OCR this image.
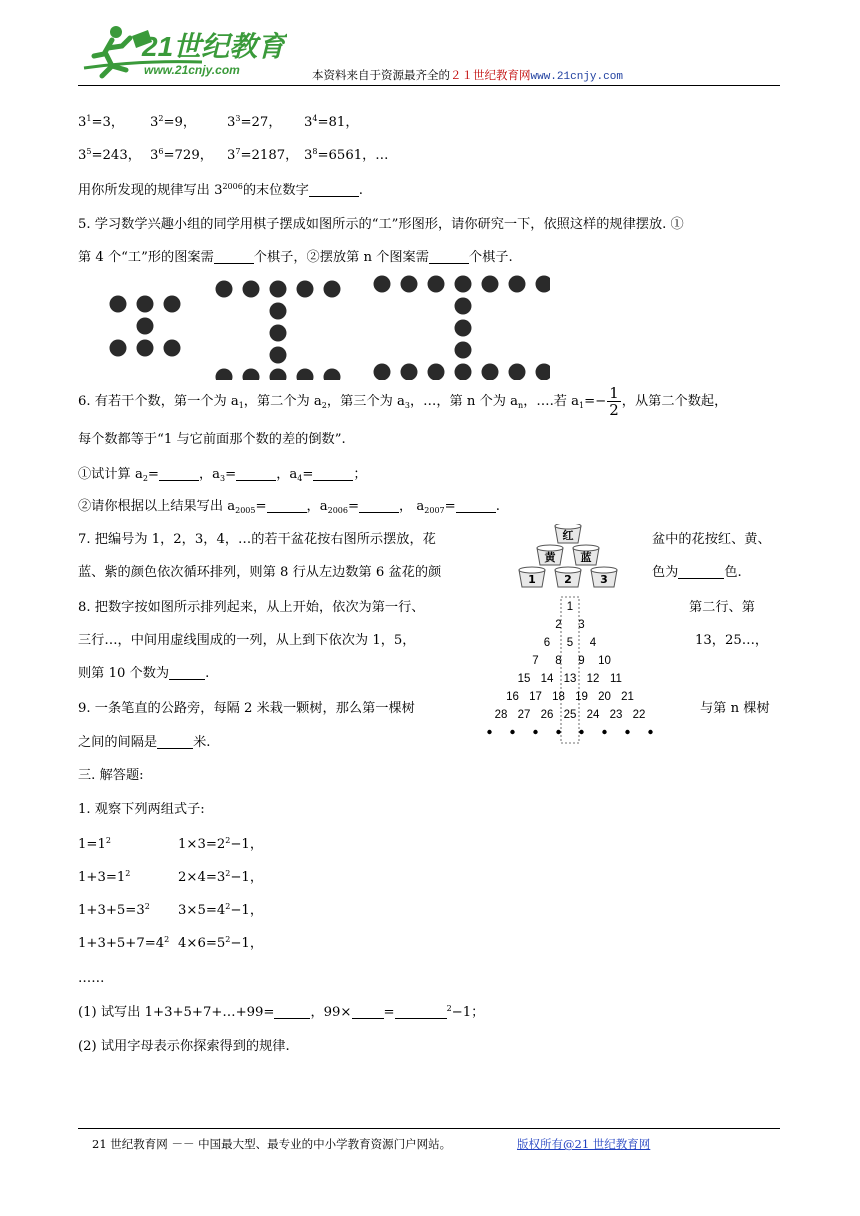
21世纪教育
www.21cnjy.com	本资料来自于资源最齐全的２１世纪教育网www.21cnjy.com
$3^1=3$， $3^2=9$， $3^3=27$， $3^4=81$，
$3^5=243$， $3^6=729$， $3^7=2187$， $3^8=6561$，…
用你所发现的规律写出 $3^{2006}$的末位数字	.
5. 学习数学兴趣小组的同学用棋子摆成如图所示的“工”形图形，请你研究一下，依照这样的规律摆放. ①
第 4 个“工”形的图案需	个棋子，②摆放第 n 个图案需	个棋子.
6. 有若干个数，第一个为 $a_1$，第二个为 $a_2$，第三个为 $a_3$，…，第 n 个为 $a_n$，….若 $a_1=- \frac{1}{2}$ ，从第二个数起，
每个数都等于“1 与它前面那个数的差的倒数”.
①试计算 $a_2=$	，$a_3=$	，$a_4=$	；
②请你根据以上结果写出 $a_{2005}=$	，$a_{2006}=$	， $a_{2007}=$	.
7. 把编号为 1，2，3，4，…的若干盆花按右图所示摆放，花	盆中的花按红、黄、
蓝、紫的颜色依次循环排列，则第 8 行从左边数第 6 盆花的颜	色为	色.
红
黄 蓝
1	2	3
8. 把数字按如图所示排列起来，从上开始，依次为第一行、	第二行、第
三行…，中间用虚线围成的一列，从上到下依次为 1，5，	13，25…，
则第 10 个数为	.
1
2 3
6 5 4
7 8 9 10
15 14 13 12 11
16 17 18 19 20 21
28 27 26 25 24 23 22
9. 一条笔直的公路旁，每隔 2 米栽一颗树，那么第一棵树	与第 n 棵树
之间的间隔是	米.
三. 解答题:
1. 观察下列两组式子:
$1=1^2$	$1\times 3=2^2-1$，
$1+3=1^2$	$2\times 4=3^2-1$，
$1+3+5=3^2$ $3\times 5=4^2-1$，
$1+3+5+7=4^2$ $4\times 6=5^2-1$，
……
(1) 试写出 1+3+5+7+…+99=	，99× =	$^2$−1；
(2) 试用字母表示你探索得到的规律.
21 世纪教育网 －－ 中国最大型、最专业的中小学教育资源门户网站。	版权所有@21 世纪教育网
